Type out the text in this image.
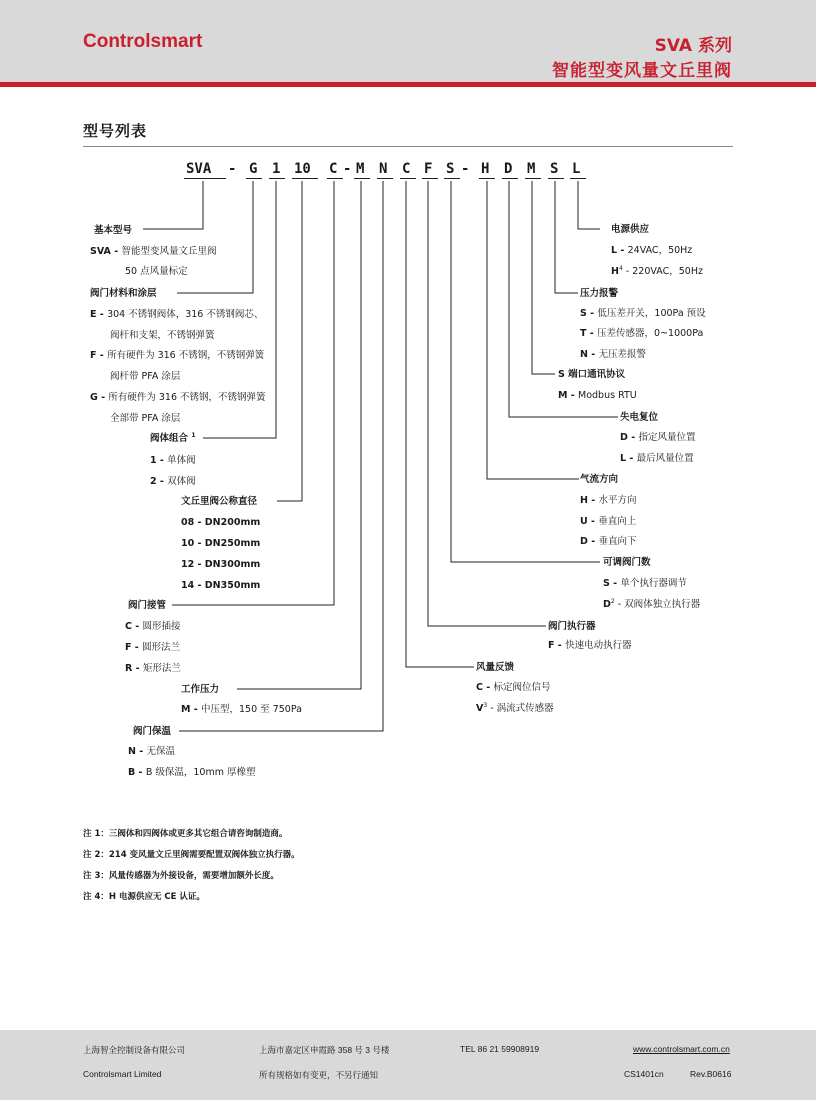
Controlsmart	SVA 系列
智能型变风量文丘里阀
型号列表
SVA - G 1 10 C - M N C F S - H D M S L
基本型号
SVA - 智能型变风量文丘里阀
50 点风量标定
阀门材料和涂层
E - 304 不锈钢阀体，316 不锈钢阀芯、
阀杆和支架，不锈钢弹簧
F - 所有硬件为 316 不锈钢，不锈钢弹簧
阀杆带 PFA 涂层
G - 所有硬件为 316 不锈钢，不锈钢弹簧
全部带 PFA 涂层
阀体组合 $^1$
1 - 单体阀
2 - 双体阀
文丘里阀公称直径
08 - DN200mm
10 - DN250mm
12 - DN300mm
14 - DN350mm
阀门接管
C - 圆形插接
F - 圆形法兰
R - 矩形法兰
工作压力
M - 中压型，150 至 750Pa
阀门保温
N - 无保温
B - B 级保温，10mm 厚橡塑
电源供应
L - 24VAC，50Hz
$H^4 - 220VAC$，50Hz
压力报警
S - 低压差开关，100Pa 预设
T - 压差传感器，0~1000Pa
N - 无压差报警
S 端口通讯协议
M - Modbus RTU
失电复位
D - 指定风量位置
L - 最后风量位置
气流方向
H - 水平方向
U - 垂直向上
D - 垂直向下
可调阀门数
S - 单个执行器调节
$D^2$ - 双阀体独立执行器
阀门执行器
F - 快速电动执行器
风量反馈
C - 标定阀位信号
$V^3$ - 涡流式传感器
注 1：三阀体和四阀体或更多其它组合请咨询制造商。
注 2：214 变风量文丘里阀需要配置双阀体独立执行器。
注 3：风量传感器为外接设备，需要增加额外长度。
注 4：H 电源供应无 CE 认证。
上海智全控制设备有限公司	上海市嘉定区申霞路 358 号 3 号楼	TEL 86 21 59908919	www.controlsmart.com.cn
Controlsmart Limited	所有规格如有变更，不另行通知	CS1401cn	Rev.B0616
